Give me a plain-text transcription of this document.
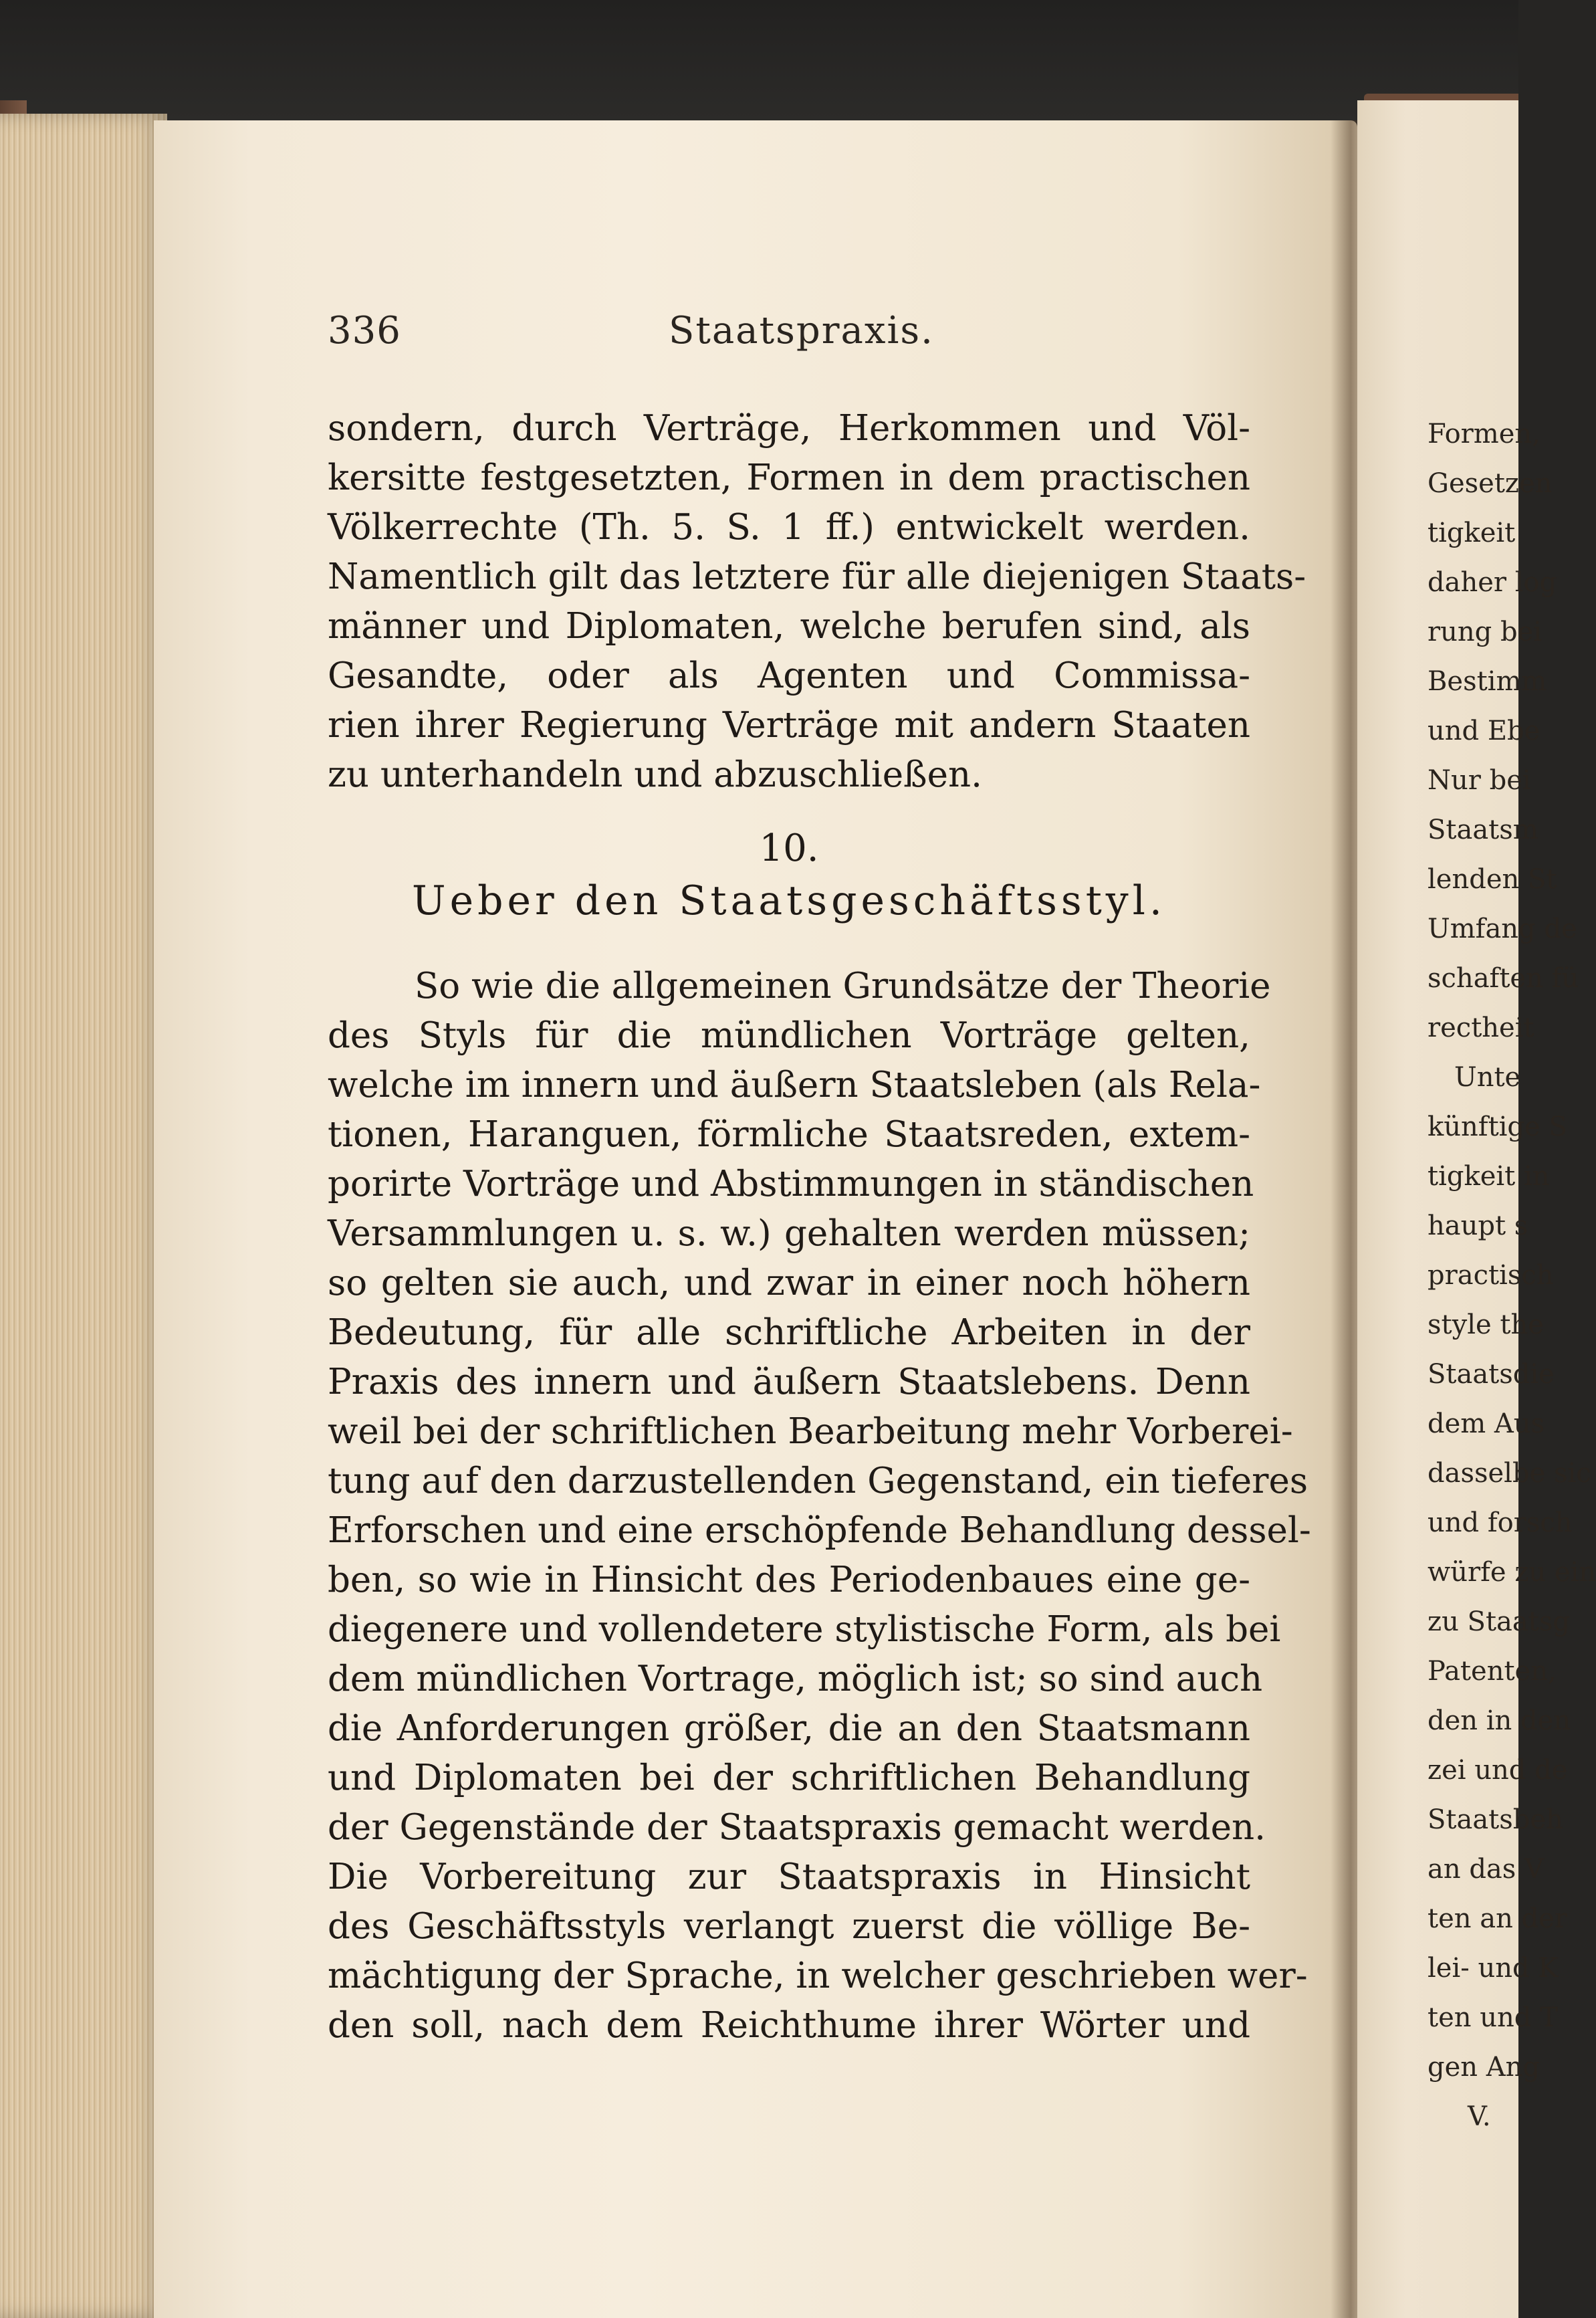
336	Staatspraxis.
sondern, durch Verträge, Herkommen und Völ-
kersitte festgesetzten, Formen in dem practischen
Völkerrechte (Th. 5. S. 1 ff.) entwickelt werden.
Namentlich gilt das letztere für alle diejenigen Staats-
männer und Diplomaten, welche berufen sind, als
Gesandte, oder als Agenten und Commissa-
rien ihrer Regierung Verträge mit andern Staaten
zu unterhandeln und abzuschließen.
10.
Ueber den Staatsgeschäftsstyl.
So wie die allgemeinen Grundsätze der Theorie
des Styls für die mündlichen Vorträge gelten,
welche im innern und äußern Staatsleben (als Rela-
tionen, Haranguen, förmliche Staatsreden, extem-
porirte Vorträge und Abstimmungen in ständischen
Versammlungen u. s. w.) gehalten werden müssen;
so gelten sie auch, und zwar in einer noch höhern
Bedeutung, für alle schriftliche Arbeiten in der
Praxis des innern und äußern Staatslebens. Denn
weil bei der schriftlichen Bearbeitung mehr Vorberei-
tung auf den darzustellenden Gegenstand, ein tieferes
Erforschen und eine erschöpfende Behandlung dessel-
ben, so wie in Hinsicht des Periodenbaues eine ge-
diegenere und vollendetere stylistische Form, als bei
dem mündlichen Vortrage, möglich ist; so sind auch
die Anforderungen größer, die an den Staatsmann
und Diplomaten bei der schriftlichen Behandlung
der Gegenstände der Staatspraxis gemacht werden.
Die Vorbereitung zur Staatspraxis in Hinsicht
des Geschäftsstyls verlangt zuerst die völlige Be-
mächtigung der Sprache, in welcher geschrieben wer-
den soll, nach dem Reichthume ihrer Wörter und
Formen,
Gesetzen
tigkeit
daher log
rung bei
Bestimm
und Ebe
Nur bei
Staatsm
lenden St
Umfang de
schaften fü
rectheit
Unte
künftige S
tigkeit in
haupt s
practisch
style the
Staatsdie
dem Aus
dasselbe sic
und forsch
würfe zu ein
zu Staatsg
Patenten,
den in den
zei und de
Staatsbeh
an das V
ten an der
lei- und K
ten und T
gen Ang
V.
